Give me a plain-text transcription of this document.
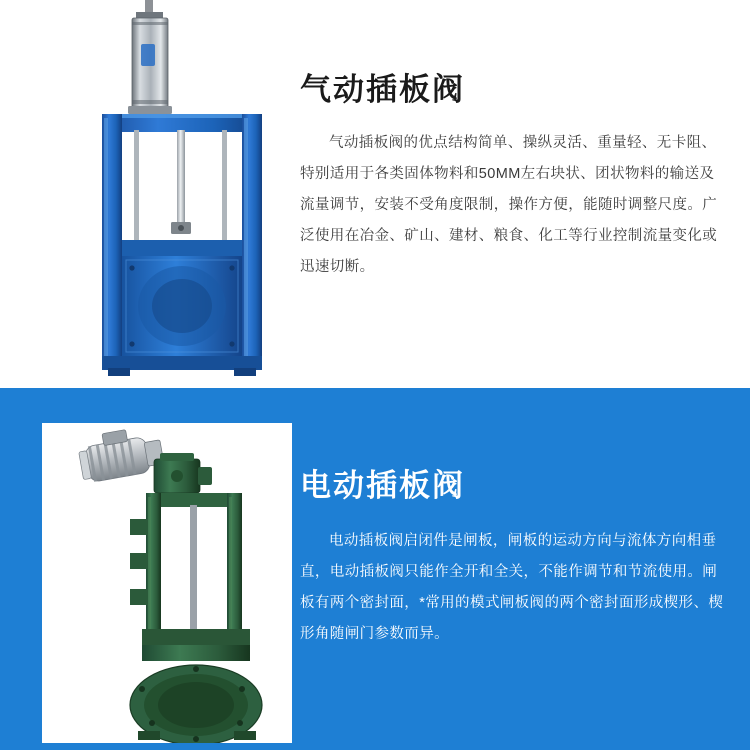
气动插板阀

气动插板阀的优点结构简单、操纵灵活、重量轻、无卡阻、特别适用于各类固体物料和50MM左右块状、团状物料的输送及流量调节，安装不受角度限制，操作方便，能随时调整尺度。广泛使用在冶金、矿山、建材、粮食、化工等行业控制流量变化或迅速切断。

电动插板阀

电动插板阀启闭件是闸板，闸板的运动方向与流体方向相垂直，电动插板阀只能作全开和全关，不能作调节和节流使用。闸板有两个密封面，*常用的模式闸板阀的两个密封面形成楔形、楔形角随闸门参数而异。
